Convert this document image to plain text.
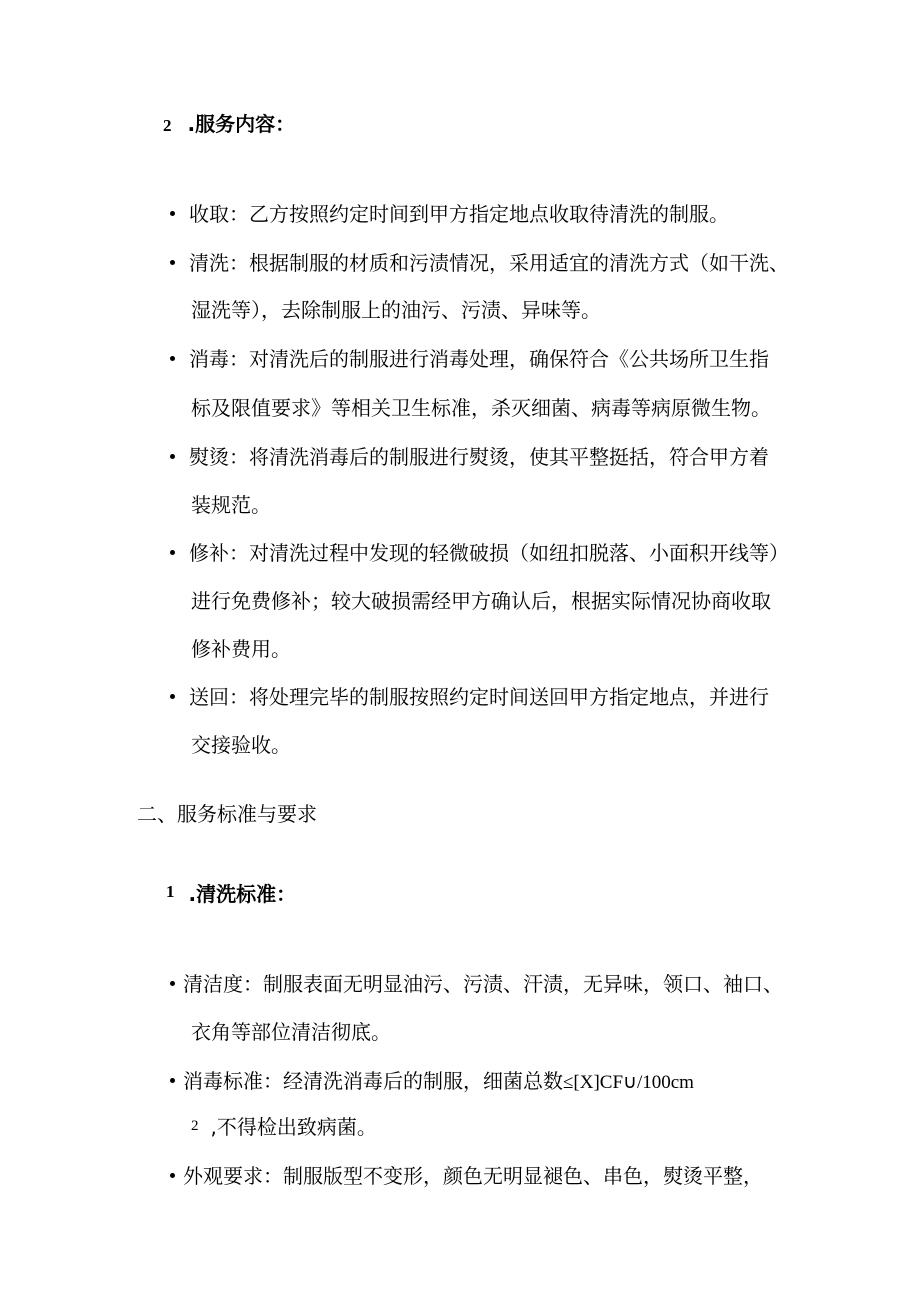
2 .服务内容：
收取：乙方按照约定时间到甲方指定地点收取待清洗的制服。
清洗：根据制服的材质和污渍情况，采用适宜的清洗方式（如干洗、
湿洗等），去除制服上的油污、污渍、异味等。
消毒：对清洗后的制服进行消毒处理，确保符合《公共场所卫生指
标及限值要求》等相关卫生标准，杀灭细菌、病毒等病原微生物。
熨烫：将清洗消毒后的制服进行熨烫，使其平整挺括，符合甲方着
装规范。
修补：对清洗过程中发现的轻微破损（如纽扣脱落、小面积开线等）
进行免费修补；较大破损需经甲方确认后，根据实际情况协商收取
修补费用。
送回：将处理完毕的制服按照约定时间送回甲方指定地点，并进行
交接验收。
二、服务标准与要求
$^1$ .清洗标准：
清洁度：制服表面无明显油污、污渍、汗渍，无异味，领口、袖口、
衣角等部位清洁彻底。
消毒标准：经清洗消毒后的制服，细菌总数≤[X]CF∪/100cm
$^2$ ,不得检出致病菌。
外观要求：制服版型不变形，颜色无明显褪色、串色，熨烫平整，
